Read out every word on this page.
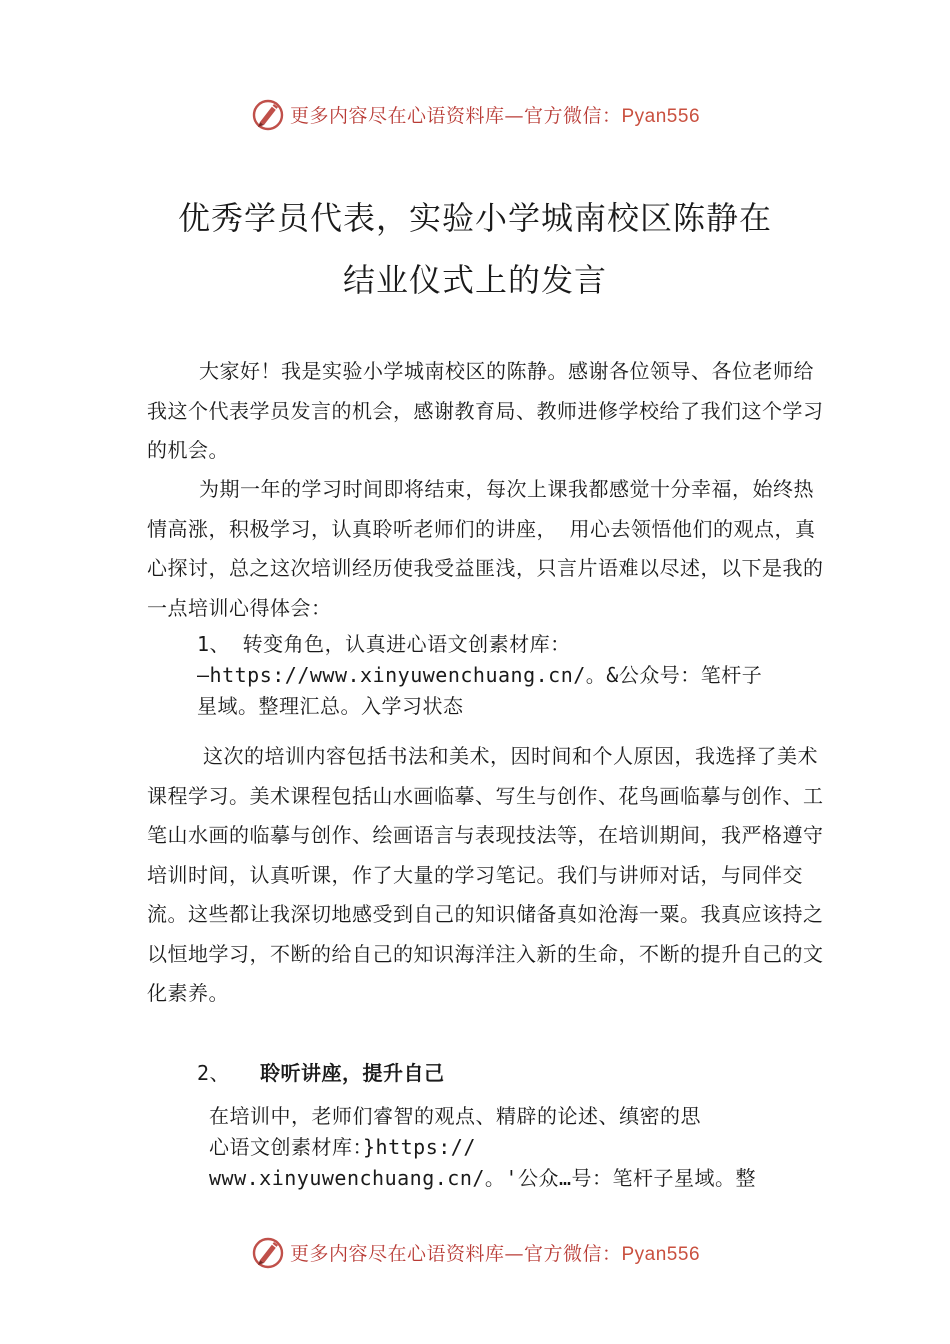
更多内容尽在心语资料库—官方微信：Pyan556
优秀学员代表，实验小学城南校区陈静在
结业仪式上的发言
大家好！我是实验小学城南校区的陈静。感谢各位领导、各位老师给我这个代表学员发言的机会，感谢教育局、教师进修学校给了我们这个学习的机会。
为期一年的学习时间即将结束，每次上课我都感觉十分幸福，始终热情高涨，积极学习，认真聆听老师们的讲座， 用心去领悟他们的观点，真心探讨，总之这次培训经历使我受益匪浅，只言片语难以尽述，以下是我的一点培训心得体会：
1、 转变角色，认真进心语文创素材库：
—https://www.xinyuwenchuang.cn/。&公众号：笔杆子
星域。整理汇总。入学习状态
这次的培训内容包括书法和美术，因时间和个人原因，我选择了美术课程学习。美术课程包括山水画临摹、写生与创作、花鸟画临摹与创作、工笔山水画的临摹与创作、绘画语言与表现技法等，在培训期间，我严格遵守培训时间，认真听课，作了大量的学习笔记。我们与讲师对话，与同伴交流。这些都让我深切地感受到自己的知识储备真如沧海一粟。我真应该持之以恒地学习，不断的给自己的知识海洋注入新的生命，不断的提升自己的文化素养。
2、 聆听讲座，提升自己
在培训中，老师们睿智的观点、精辟的论述、缜密的思
心语文创素材库：}https://
www.xinyuwenchuang.cn/。'公众…号：笔杆子星域。整
更多内容尽在心语资料库—官方微信：Pyan556
